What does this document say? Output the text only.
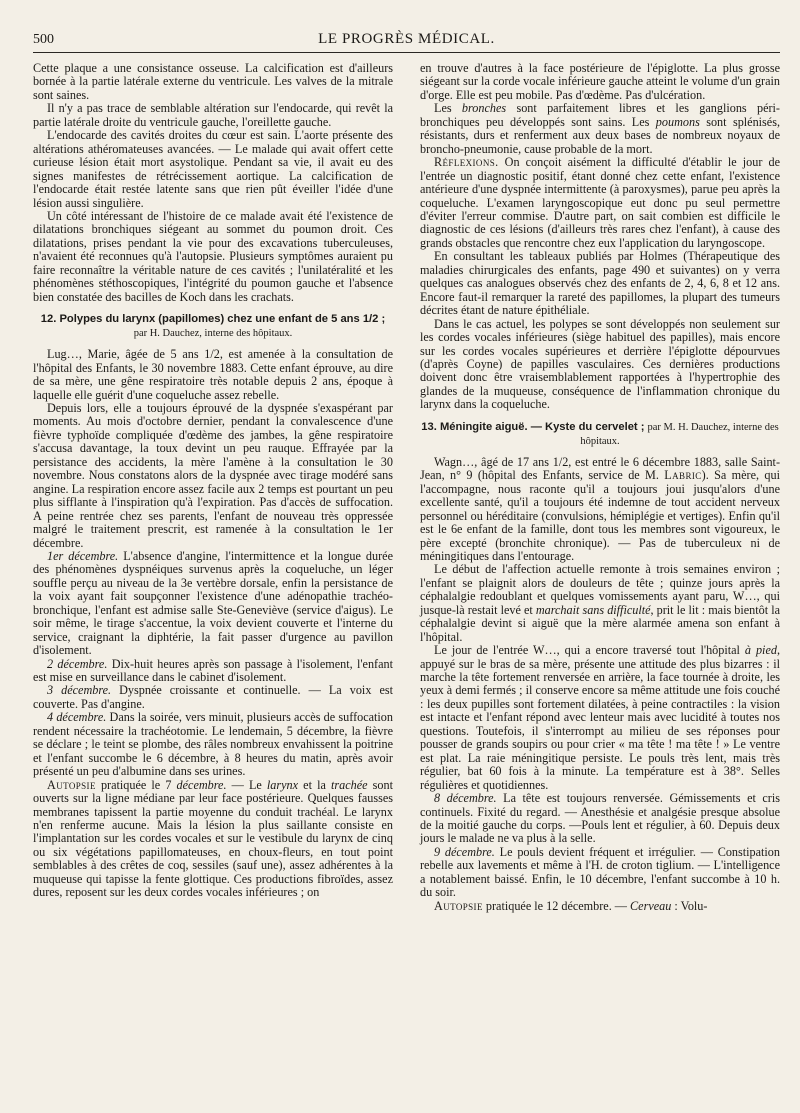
500	LE PROGRÈS MÉDICAL.

Cette plaque a une consistance osseuse. La calcification est d'ailleurs bornée à la partie latérale externe du ventricule. Les valves de la mitrale sont saines.

Il n'y a pas trace de semblable altération sur l'endocarde, qui revêt la partie latérale droite du ventricule gauche, l'oreillette gauche.

L'endocarde des cavités droites du cœur est sain. L'aorte présente des altérations athéromateuses avancées. — Le malade qui avait offert cette curieuse lésion était mort asystolique. Pendant sa vie, il avait eu des signes manifestes de rétrécissement aortique. La calcification de l'endocarde était restée latente sans que rien pût éveiller l'idée d'une lésion aussi singulière.

Un côté intéressant de l'histoire de ce malade avait été l'existence de dilatations bronchiques siégeant au sommet du poumon droit. Ces dilatations, prises pendant la vie pour des excavations tuberculeuses, n'avaient été reconnues qu'à l'autopsie. Plusieurs symptômes auraient pu faire reconnaître la véritable nature de ces cavités ; l'unilatéralité et les phénomènes stéthoscopiques, l'intégrité du poumon gauche et l'absence bien constatée des bacilles de Koch dans les crachats.

12. Polypes du larynx (papillomes) chez une enfant de 5 ans 1/2 ; par H. Dauchez, interne des hôpitaux.

Lug…, Marie, âgée de 5 ans 1/2, est amenée à la consultation de l'hôpital des Enfants, le 30 novembre 1883. Cette enfant éprouve, au dire de sa mère, une gêne respiratoire très notable depuis 2 ans, époque à laquelle elle guérit d'une coqueluche assez rebelle.

Depuis lors, elle a toujours éprouvé de la dyspnée s'exaspérant par moments. Au mois d'octobre dernier, pendant la convalescence d'une fièvre typhoïde compliquée d'œdème des jambes, la gêne respiratoire s'accusa davantage, la toux devint un peu rauque. Effrayée par la persistance des accidents, la mère l'amène à la consultation le 30 novembre. Nous constatons alors de la dyspnée avec tirage modéré sans angine. La respiration encore assez facile aux 2 temps est pourtant un peu plus sifflante à l'inspiration qu'à l'expiration. Pas d'accès de suffocation. A peine rentrée chez ses parents, l'enfant de nouveau très oppressée malgré le traitement prescrit, est ramenée à la consultation le 1er décembre.

1er décembre. L'absence d'angine, l'intermittence et la longue durée des phénomènes dyspnéiques survenus après la coqueluche, un léger souffle perçu au niveau de la 3e vertèbre dorsale, enfin la persistance de la voix ayant fait soupçonner l'existence d'une adénopathie trachéo-bronchique, l'enfant est admise salle Ste-Geneviève (service d'aigus). Le soir même, le tirage s'accentue, la voix devient couverte et l'interne du service, craignant la diphtérie, la fait passer d'urgence au pavillon d'isolement.

2 décembre. Dix-huit heures après son passage à l'isolement, l'enfant est mise en surveillance dans le cabinet d'isolement.

3 décembre. Dyspnée croissante et continuelle. — La voix est couverte. Pas d'angine.

4 décembre. Dans la soirée, vers minuit, plusieurs accès de suffocation rendent nécessaire la trachéotomie. Le lendemain, 5 décembre, la fièvre se déclare ; le teint se plombe, des râles nombreux envahissent la poitrine et l'enfant succombe le 6 décembre, à 8 heures du matin, après avoir présenté un peu d'albumine dans ses urines.

Autopsie pratiquée le 7 décembre. — Le larynx et la trachée sont ouverts sur la ligne médiane par leur face postérieure. Quelques fausses membranes tapissent la partie moyenne du conduit trachéal. Le larynx n'en renferme aucune. Mais la lésion la plus saillante consiste en l'implantation sur les cordes vocales et sur le vestibule du larynx de cinq ou six végétations papillomateuses, en choux-fleurs, en tout point semblables à des crêtes de coq, sessiles (sauf une), assez adhérentes à la muqueuse qui tapisse la fente glottique. Ces productions fibroïdes, assez dures, reposent sur les deux cordes vocales inférieures ; on

en trouve d'autres à la face postérieure de l'épiglotte. La plus grosse siégeant sur la corde vocale inférieure gauche atteint le volume d'un grain d'orge. Elle est peu mobile. Pas d'œdème. Pas d'ulcération.

Les bronches sont parfaitement libres et les ganglions péri-bronchiques peu développés sont sains. Les poumons sont splénisés, résistants, durs et renferment aux deux bases de nombreux noyaux de broncho-pneumonie, cause probable de la mort.

Réflexions. On conçoit aisément la difficulté d'établir le jour de l'entrée un diagnostic positif, étant donné chez cette enfant, l'existence antérieure d'une dyspnée intermittente (à paroxysmes), parue peu après la coqueluche. L'examen laryngoscopique eut donc pu seul permettre d'éviter l'erreur commise. D'autre part, on sait combien est difficile le diagnostic de ces lésions (d'ailleurs très rares chez l'enfant), à cause des grands obstacles que rencontre chez eux l'application du laryngoscope.

En consultant les tableaux publiés par Holmes (Thérapeutique des maladies chirurgicales des enfants, page 490 et suivantes) on y verra quelques cas analogues observés chez des enfants de 2, 4, 6, 8 et 12 ans. Encore faut-il remarquer la rareté des papillomes, la plupart des tumeurs décrites étant de nature épithéliale.

Dans le cas actuel, les polypes se sont développés non seulement sur les cordes vocales inférieures (siège habituel des papilles), mais encore sur les cordes vocales supérieures et derrière l'épiglotte dépourvues (d'après Coyne) de papilles vasculaires. Ces dernières productions doivent donc être vraisemblablement rapportées à l'hypertrophie des glandes de la muqueuse, conséquence de l'inflammation chronique du larynx dans la coqueluche.

13. Méningite aiguë. — Kyste du cervelet ; par M. H. Dauchez, interne des hôpitaux.

Wagn…, âgé de 17 ans 1/2, est entré le 6 décembre 1883, salle Saint-Jean, n° 9 (hôpital des Enfants, service de M. Labric). Sa mère, qui l'accompagne, nous raconte qu'il a toujours joui jusqu'alors d'une excellente santé, qu'il a toujours été indemne de tout accident nerveux personnel ou héréditaire (convulsions, hémiplégie et vertiges). Enfin qu'il est le 6e enfant de la famille, dont tous les membres sont vigoureux, le père excepté (bronchite chronique). — Pas de tuberculeux ni de méningitiques dans l'entourage.

Le début de l'affection actuelle remonte à trois semaines environ ; l'enfant se plaignit alors de douleurs de tête ; quinze jours après la céphalalgie redoublant et quelques vomissements ayant paru, W…, qui jusque-là restait levé et marchait sans difficulté, prit le lit : mais bientôt la céphalalgie devint si aiguë que la mère alarmée amena son enfant à l'hôpital.

Le jour de l'entrée W…, qui a encore traversé tout l'hôpital à pied, appuyé sur le bras de sa mère, présente une attitude des plus bizarres : il marche la tête fortement renversée en arrière, la face tournée à droite, les yeux à demi fermés ; il conserve encore sa même attitude une fois couché : les deux pupilles sont fortement dilatées, à peine contractiles : la vision est intacte et l'enfant répond avec lenteur mais avec lucidité à toutes nos questions. Toutefois, il s'interrompt au milieu de ses réponses pour pousser de grands soupirs ou pour crier « ma tête ! ma tête ! » Le ventre est plat. La raie méningitique persiste. Le pouls très lent, mais très régulier, bat 60 fois à la minute. La température est à 38°. Selles régulières et quotidiennes.

8 décembre. La tête est toujours renversée. Gémissements et cris continuels. Fixité du regard. — Anesthésie et analgésie presque absolue de la moitié gauche du corps. —Pouls lent et régulier, à 60. Depuis deux jours le malade ne va plus à la selle.

9 décembre. Le pouls devient fréquent et irrégulier. — Constipation rebelle aux lavements et même à l'H. de croton tiglium. — L'intelligence a notablement baissé. Enfin, le 10 décembre, l'enfant succombe à 10 h. du soir.

Autopsie pratiquée le 12 décembre. — Cerveau : Volu-
